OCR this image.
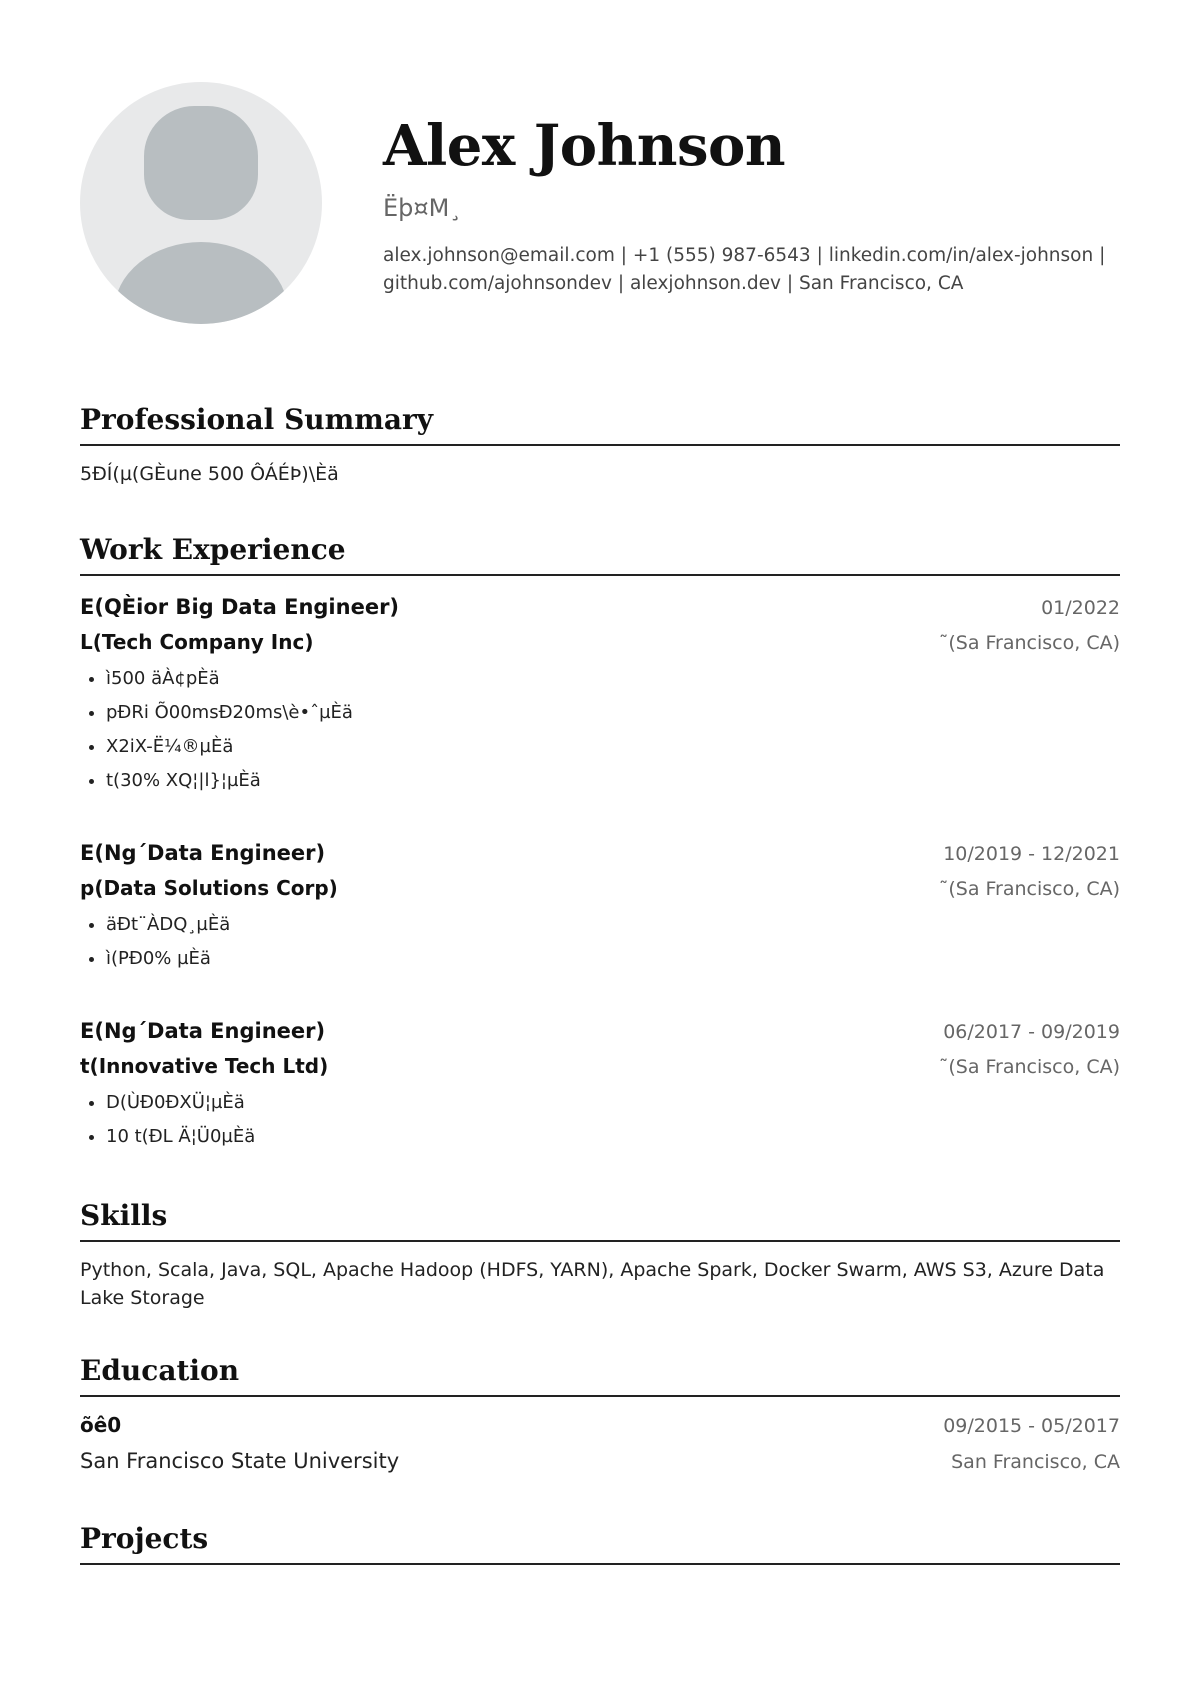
Alex Johnson
Ëþ¤M¸
alex.johnson@email.com | +1 (555) 987-6543 | linkedin.com/in/alex-johnson | github.com/ajohnsondev | alexjohnson.dev | San Francisco, CA
Professional Summary
5ÐÍ(µ(GÈune 500 ÔÁÉÞ)\Èä
Work Experience
E(QÈior Big Data Engineer)	01/2022
L(Tech Company Inc)	˜(Sa Francisco, CA)
• ì500 äÀ¢pÈä
• pÐRi Õ00msÐ20ms\è•ˆµÈä
• X2iX-Ë¼®µÈä
• t(30% XQ¦|l}¦µÈä
E(Ng´Data Engineer)	10/2019 - 12/2021
p(Data Solutions Corp)	˜(Sa Francisco, CA)
• äÐt¨ÀDQ¸µÈä
• ì(PÐ0% µÈä
E(Ng´Data Engineer)	06/2017 - 09/2019
t(Innovative Tech Ltd)	˜(Sa Francisco, CA)
• D(ÙÐ0ÐXÜ¦µÈä
• 10 t(ÐL Ä¦Ü0µÈä
Skills
Python, Scala, Java, SQL, Apache Hadoop (HDFS, YARN), Apache Spark, Docker Swarm, AWS S3, Azure Data Lake Storage
Education
õê0	09/2015 - 05/2017
San Francisco State University	San Francisco, CA
Projects
